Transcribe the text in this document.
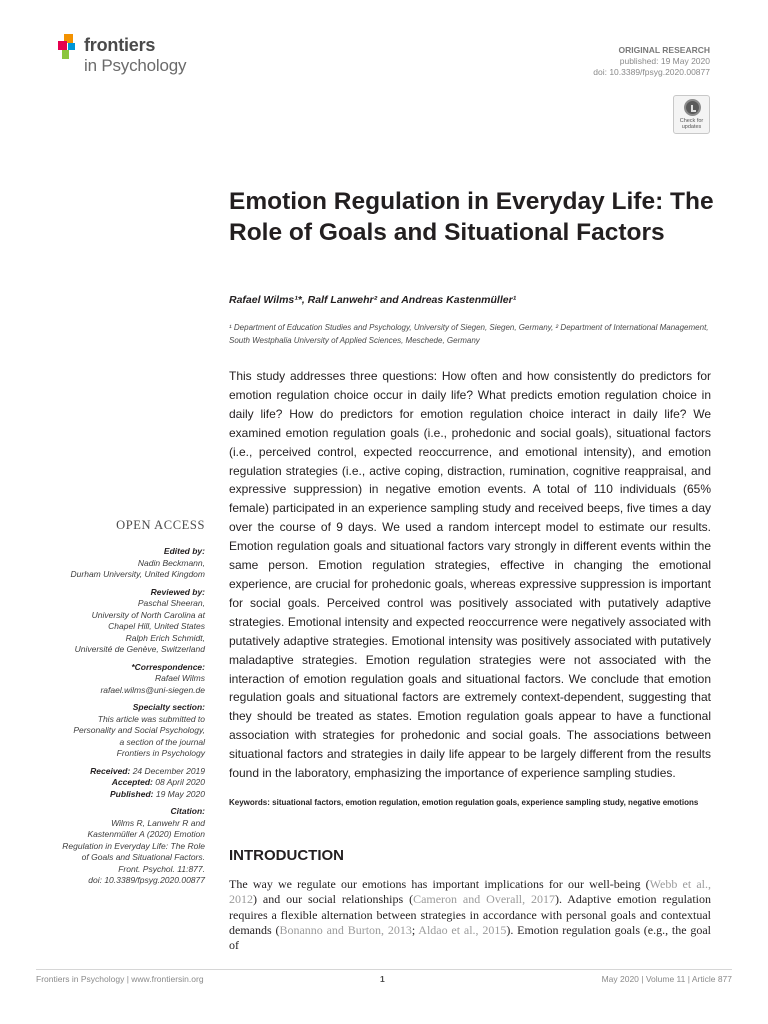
frontiers
in Psychology
ORIGINAL RESEARCH
published: 19 May 2020
doi: 10.3389/fpsyg.2020.00877
Check for
updates
Emotion Regulation in Everyday Life: The Role of Goals and Situational Factors
Rafael Wilms¹*, Ralf Lanwehr² and Andreas Kastenmüller¹
¹ Department of Education Studies and Psychology, University of Siegen, Siegen, Germany, ² Department of International Management, South Westphalia University of Applied Sciences, Meschede, Germany

This study addresses three questions: How often and how consistently do predictors for emotion regulation choice occur in daily life? What predicts emotion regulation choice in daily life? How do predictors for emotion regulation choice interact in daily life? We examined emotion regulation goals (i.e., prohedonic and social goals), situational factors (i.e., perceived control, expected reoccurrence, and emotional intensity), and emotion regulation strategies (i.e., active coping, distraction, rumination, cognitive reappraisal, and expressive suppression) in negative emotion events. A total of 110 individuals (65% female) participated in an experience sampling study and received beeps, five times a day over the course of 9 days. We used a random intercept model to estimate our results. Emotion regulation goals and situational factors vary strongly in different events within the same person. Emotion regulation strategies, effective in changing the emotional experience, are crucial for prohedonic goals, whereas expressive suppression is important for social goals. Perceived control was positively associated with putatively adaptive strategies. Emotional intensity and expected reoccurrence were negatively associated with putatively adaptive strategies. Emotional intensity was positively associated with putatively maladaptive strategies. Emotion regulation strategies were not associated with the interaction of emotion regulation goals and situational factors. We conclude that emotion regulation goals and situational factors are extremely context-dependent, suggesting that they should be treated as states. Emotion regulation goals appear to have a functional association with strategies for prohedonic and social goals. The associations between situational factors and strategies in daily life appear to be largely different from the results found in the laboratory, emphasizing the importance of experience sampling studies.

Keywords: situational factors, emotion regulation, emotion regulation goals, experience sampling study, negative emotions
INTRODUCTION

The way we regulate our emotions has important implications for our well-being (Webb et al., 2012) and our social relationships (Cameron and Overall, 2017). Adaptive emotion regulation requires a flexible alternation between strategies in accordance with personal goals and contextual demands (Bonanno and Burton, 2013; Aldao et al., 2015). Emotion regulation goals (e.g., the goal of

OPEN ACCESS
Edited by:
Nadin Beckmann,
Durham University, United Kingdom
Reviewed by:
Paschal Sheeran,
University of North Carolina at
Chapel Hill, United States
Ralph Erich Schmidt,
Université de Genève, Switzerland
*Correspondence:
Rafael Wilms
rafael.wilms@uni-siegen.de
Specialty section:
This article was submitted to
Personality and Social Psychology,
a section of the journal
Frontiers in Psychology
Received: 24 December 2019
Accepted: 08 April 2020
Published: 19 May 2020
Citation:
Wilms R, Lanwehr R and
Kastenmüller A (2020) Emotion
Regulation in Everyday Life: The Role
of Goals and Situational Factors.
Front. Psychol. 11:877.
doi: 10.3389/fpsyg.2020.00877
Frontiers in Psychology | www.frontiersin.org	1	May 2020 | Volume 11 | Article 877
